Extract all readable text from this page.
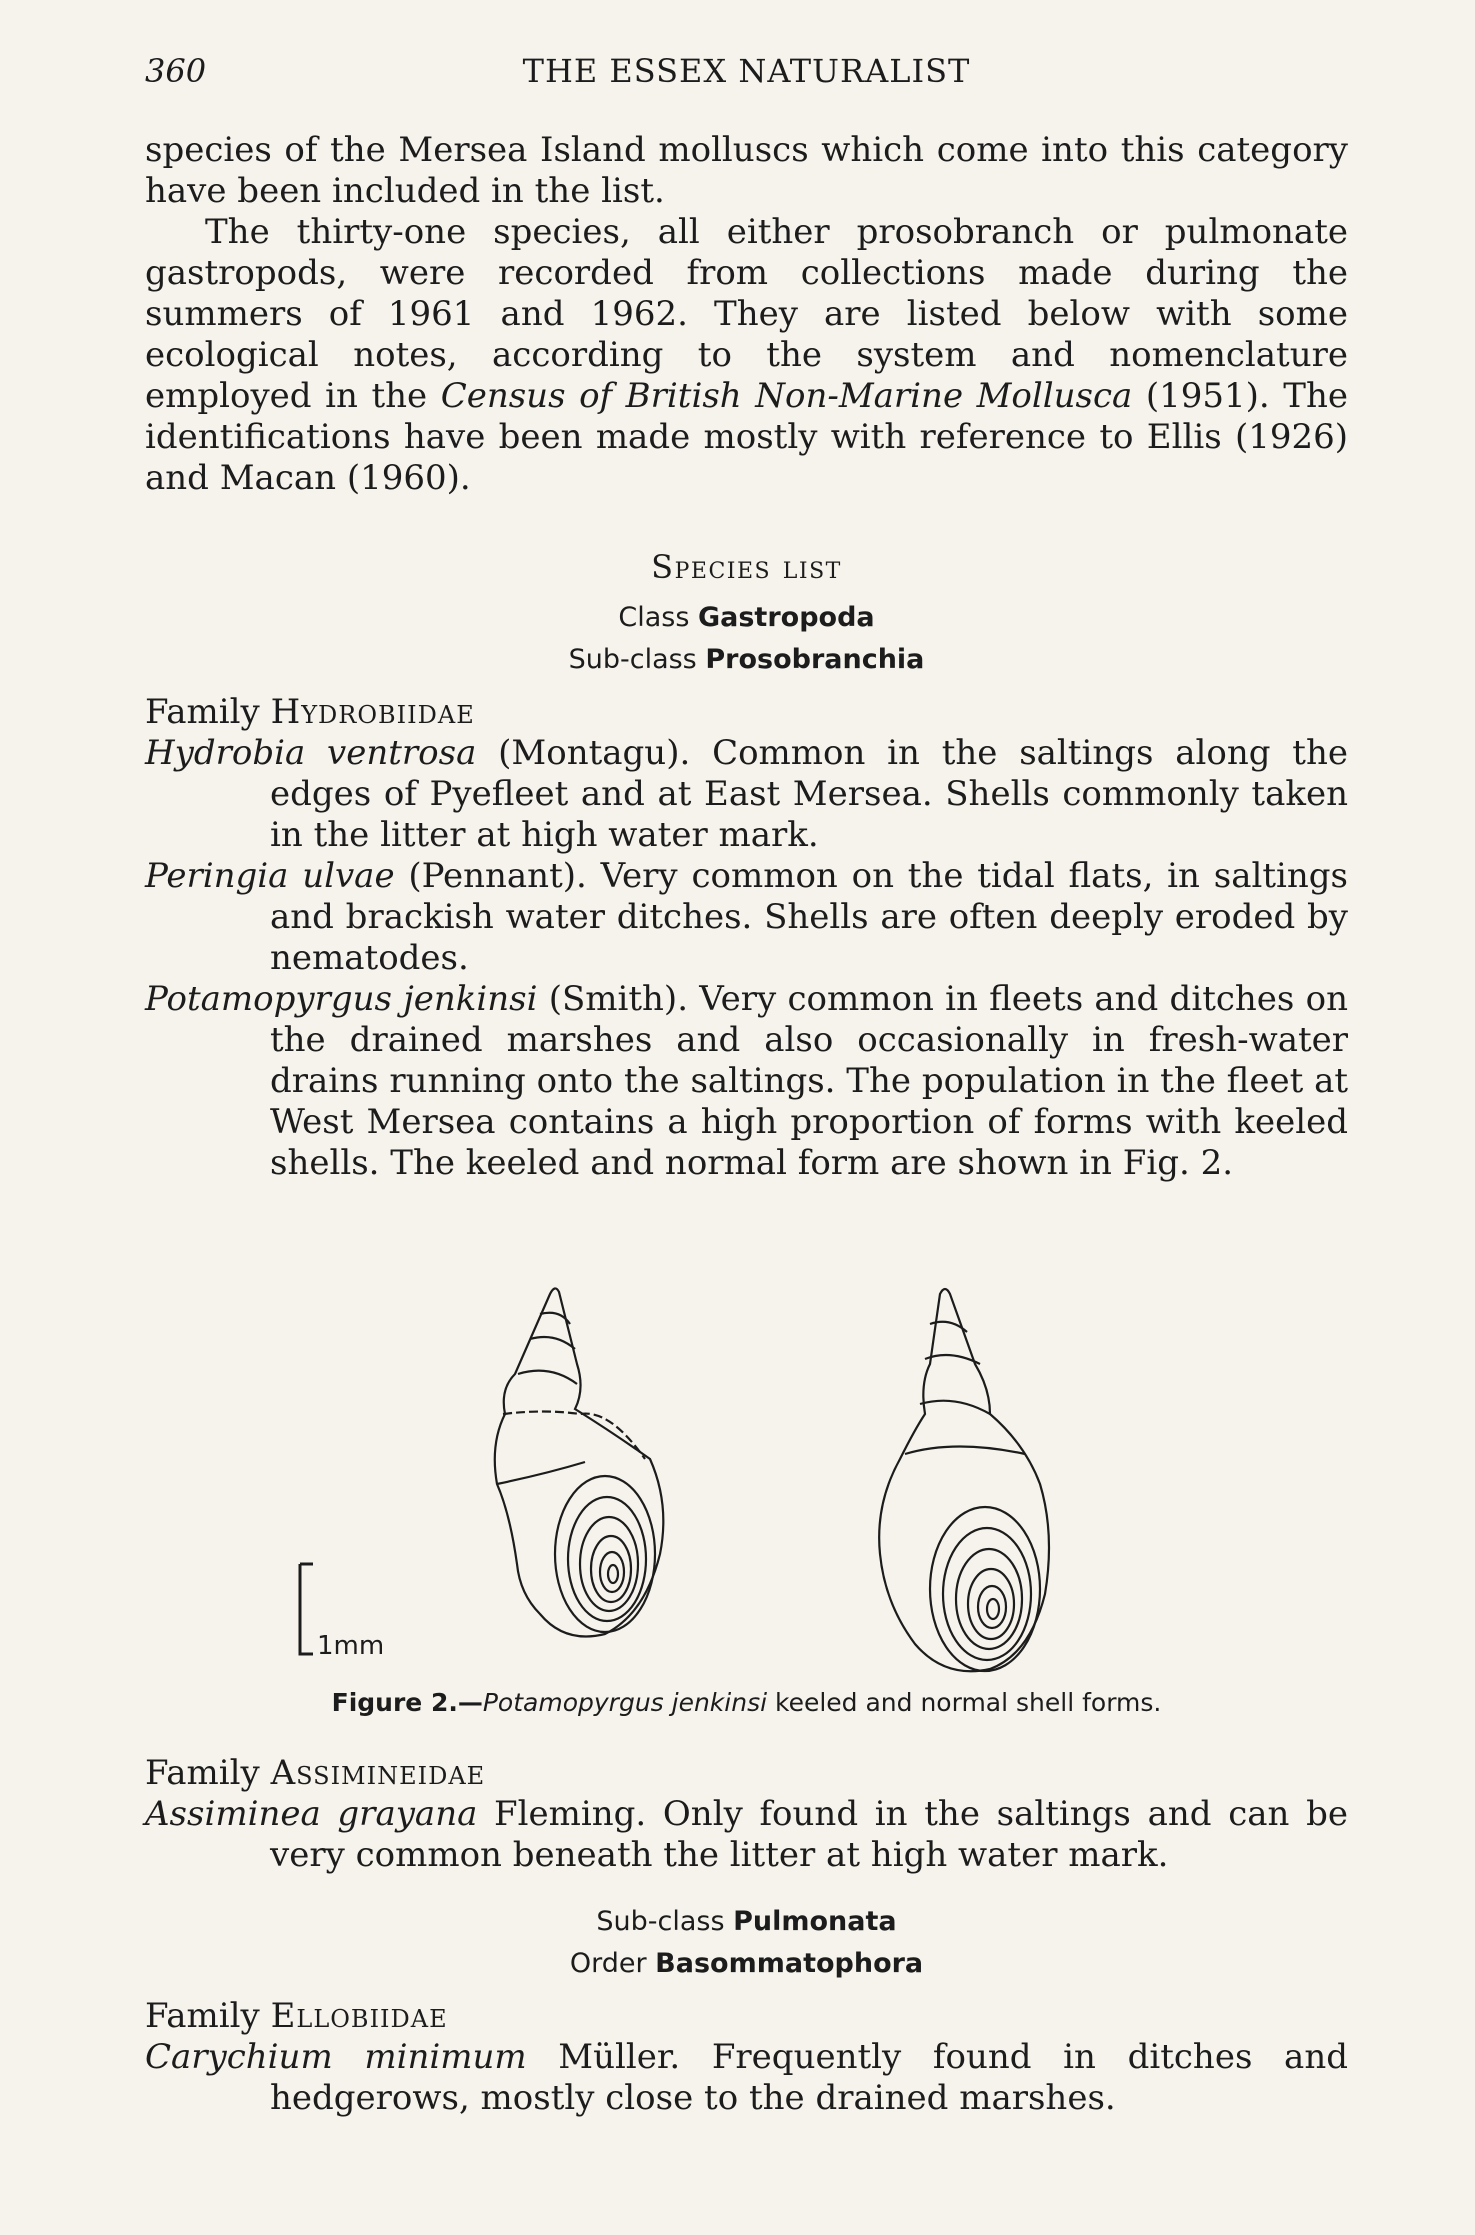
360	THE ESSEX NATURALIST

species of the Mersea Island molluscs which come into this category have been included in the list.

The thirty-one species, all either prosobranch or pulmonate gastropods, were recorded from collections made during the summers of 1961 and 1962. They are listed below with some ecological notes, according to the system and nomenclature employed in the Census of British Non-Marine Mollusca (1951). The identifications have been made mostly with reference to Ellis (1926) and Macan (1960).

Species list
Class Gastropoda
Sub-class Prosobranchia

Family Hydrobiidae

Hydrobia ventrosa (Montagu). Common in the saltings along the edges of Pyefleet and at East Mersea. Shells commonly taken in the litter at high water mark.

Peringia ulvae (Pennant). Very common on the tidal flats, in saltings and brackish water ditches. Shells are often deeply eroded by nematodes.

Potamopyrgus jenkinsi (Smith). Very common in fleets and ditches on the drained marshes and also occasionally in fresh-water drains running onto the saltings. The population in the fleet at West Mersea contains a high proportion of forms with keeled shells. The keeled and normal form are shown in Fig. 2.

1mm
Figure 2.—Potamopyrgus jenkinsi keeled and normal shell forms.

Family Assimineidae

Assiminea grayana Fleming. Only found in the saltings and can be very common beneath the litter at high water mark.

Sub-class Pulmonata
Order Basommatophora

Family Ellobiidae

Carychium minimum Müller. Frequently found in ditches and hedgerows, mostly close to the drained marshes.
